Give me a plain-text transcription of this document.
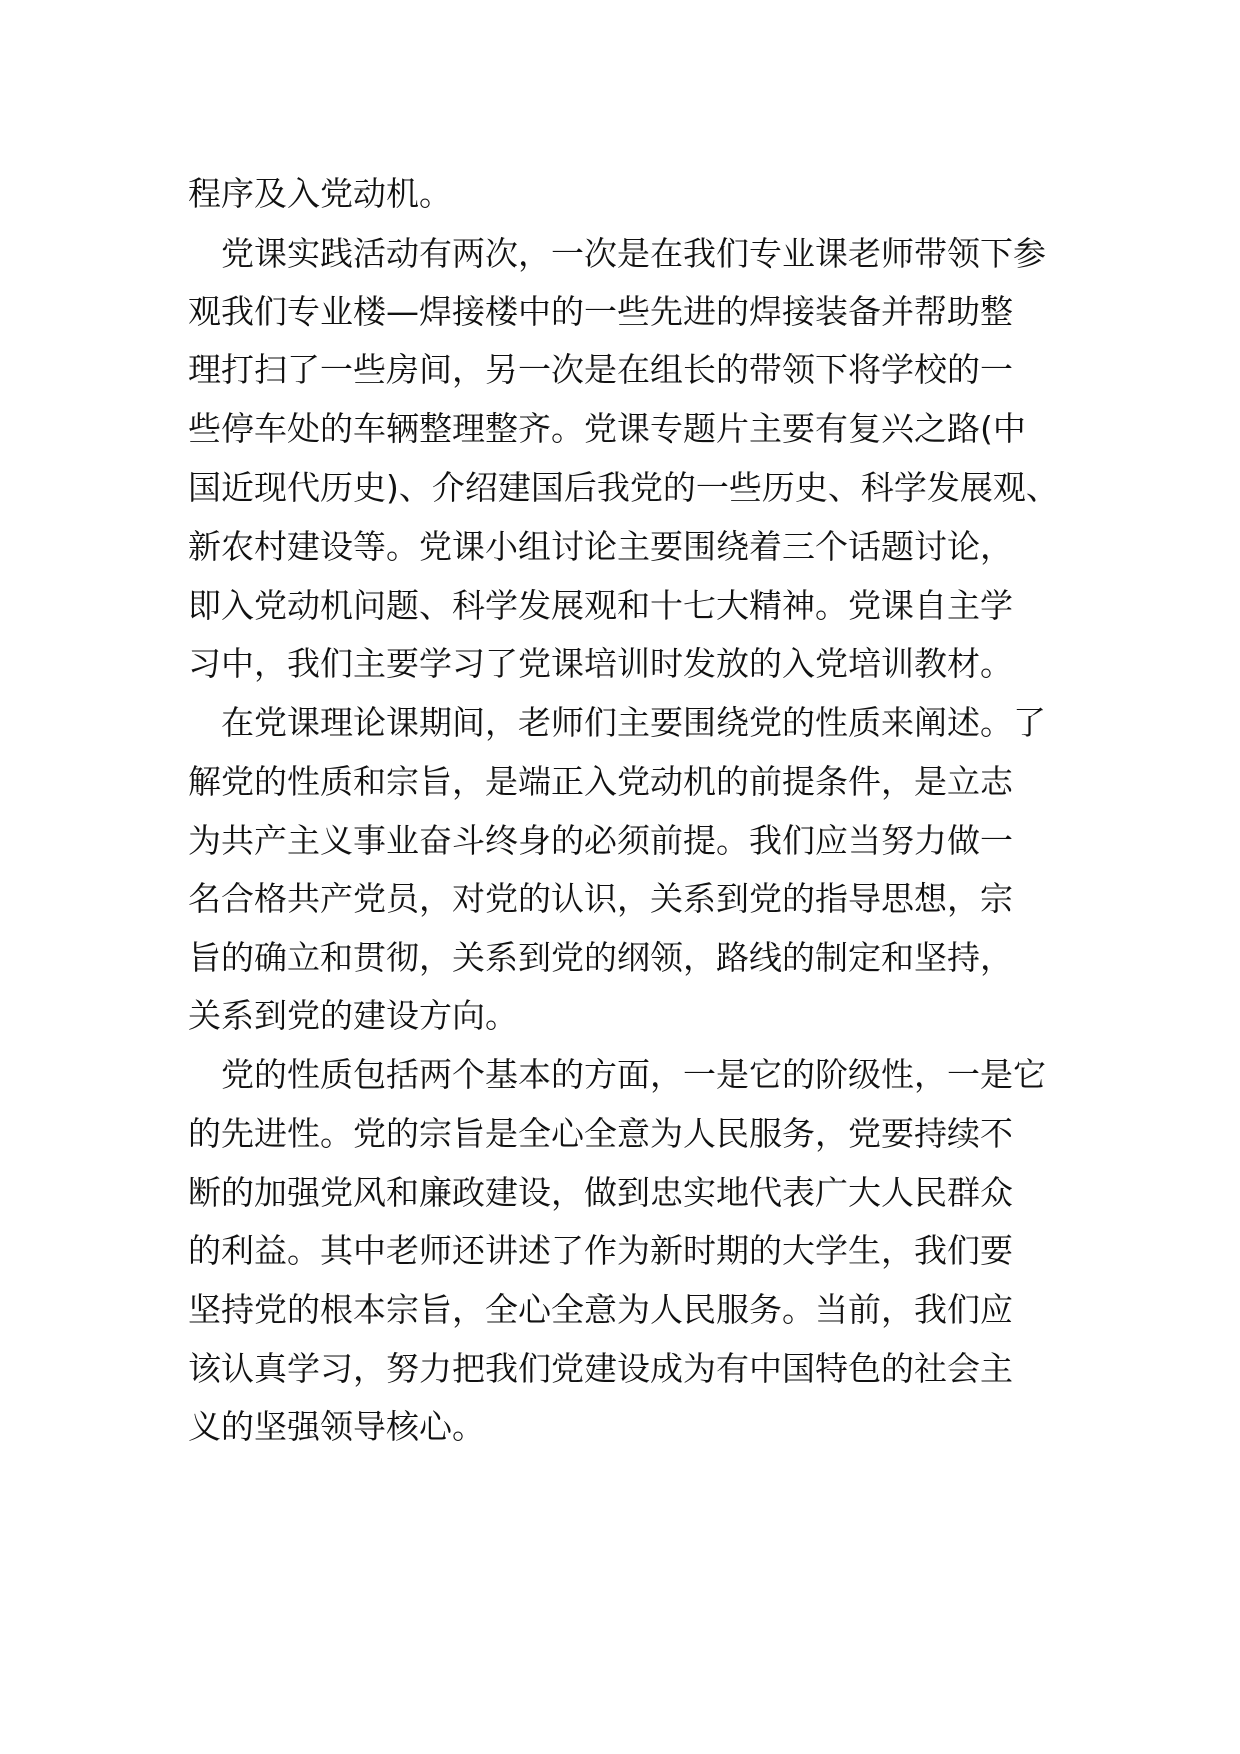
程序及入党动机。

　党课实践活动有两次，一次是在我们专业课老师带领下参

观我们专业楼—焊接楼中的一些先进的焊接装备并帮助整

理打扫了一些房间，另一次是在组长的带领下将学校的一

些停车处的车辆整理整齐。党课专题片主要有复兴之路(中

国近现代历史)、介绍建国后我党的一些历史、科学发展观、

新农村建设等。党课小组讨论主要围绕着三个话题讨论，

即入党动机问题、科学发展观和十七大精神。党课自主学

习中，我们主要学习了党课培训时发放的入党培训教材。

　在党课理论课期间，老师们主要围绕党的性质来阐述。了

解党的性质和宗旨，是端正入党动机的前提条件，是立志

为共产主义事业奋斗终身的必须前提。我们应当努力做一

名合格共产党员，对党的认识，关系到党的指导思想，宗

旨的确立和贯彻，关系到党的纲领，路线的制定和坚持，

关系到党的建设方向。

　党的性质包括两个基本的方面，一是它的阶级性，一是它

的先进性。党的宗旨是全心全意为人民服务，党要持续不

断的加强党风和廉政建设，做到忠实地代表广大人民群众

的利益。其中老师还讲述了作为新时期的大学生，我们要

坚持党的根本宗旨，全心全意为人民服务。当前，我们应

该认真学习，努力把我们党建设成为有中国特色的社会主

义的坚强领导核心。
